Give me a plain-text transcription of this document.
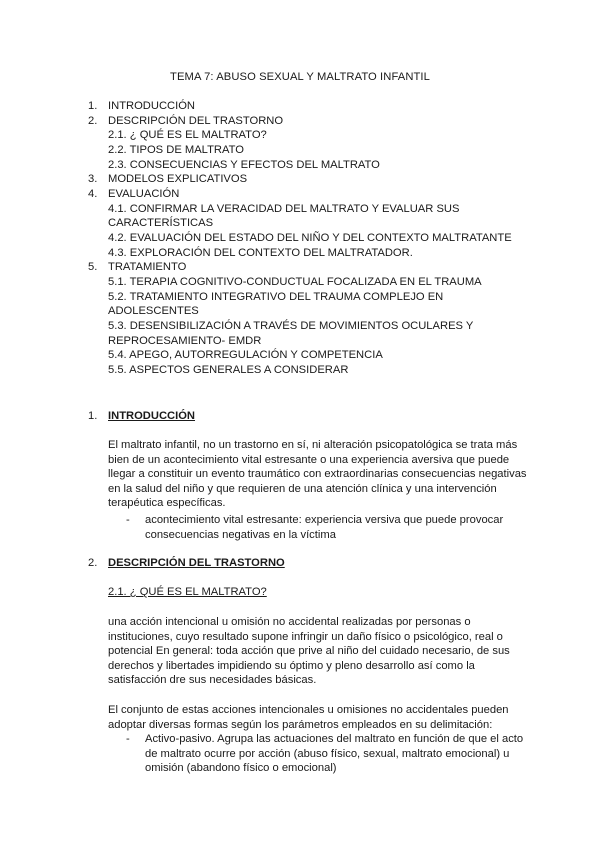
TEMA 7: ABUSO SEXUAL Y MALTRATO INFANTIL
1. INTRODUCCIÓN
2. DESCRIPCIÓN DEL TRASTORNO
2.1. ¿ QUÉ ES EL MALTRATO?
2.2. TIPOS DE MALTRATO
2.3. CONSECUENCIAS Y EFECTOS DEL MALTRATO
3. MODELOS EXPLICATIVOS
4. EVALUACIÓN
4.1. CONFIRMAR LA VERACIDAD DEL MALTRATO Y EVALUAR SUS CARACTERÍSTICAS
4.2. EVALUACIÓN DEL ESTADO DEL NIÑO Y DEL CONTEXTO MALTRATANTE
4.3. EXPLORACIÓN DEL CONTEXTO DEL MALTRATADOR.
5. TRATAMIENTO
5.1. TERAPIA COGNITIVO-CONDUCTUAL FOCALIZADA EN EL TRAUMA
5.2. TRATAMIENTO INTEGRATIVO DEL TRAUMA COMPLEJO EN ADOLESCENTES
5.3. DESENSIBILIZACIÓN A TRAVÉS DE MOVIMIENTOS OCULARES Y REPROCESAMIENTO- EMDR
5.4. APEGO, AUTORREGULACIÓN Y COMPETENCIA
5.5. ASPECTOS GENERALES A CONSIDERAR
1. INTRODUCCIÓN
El maltrato infantil, no un trastorno en sí, ni alteración psicopatológica se trata más bien de un acontecimiento vital estresante o una experiencia aversiva que puede llegar a constituir un evento traumático con extraordinarias consecuencias negativas en la salud del niño y que requieren de una atención clínica y una intervención terapéutica específicas.
- acontecimiento vital estresante: experiencia versiva que puede provocar consecuencias negativas en la víctima
2. DESCRIPCIÓN DEL TRASTORNO
2.1. ¿ QUÉ ES EL MALTRATO?
una acción intencional u omisión no accidental realizadas por personas o instituciones, cuyo resultado supone infringir un daño físico o psicológico, real o potencial En general: toda acción que prive al niño del cuidado necesario, de sus derechos y libertades impidiendo su óptimo y pleno desarrollo así como la satisfacción dre sus necesidades básicas.
El conjunto de estas acciones intencionales u omisiones no accidentales pueden adoptar diversas formas según los parámetros empleados en su delimitación:
- Activo-pasivo. Agrupa las actuaciones del maltrato en función de que el acto de maltrato ocurre por acción (abuso físico, sexual, maltrato emocional) u omisión (abandono físico o emocional)
